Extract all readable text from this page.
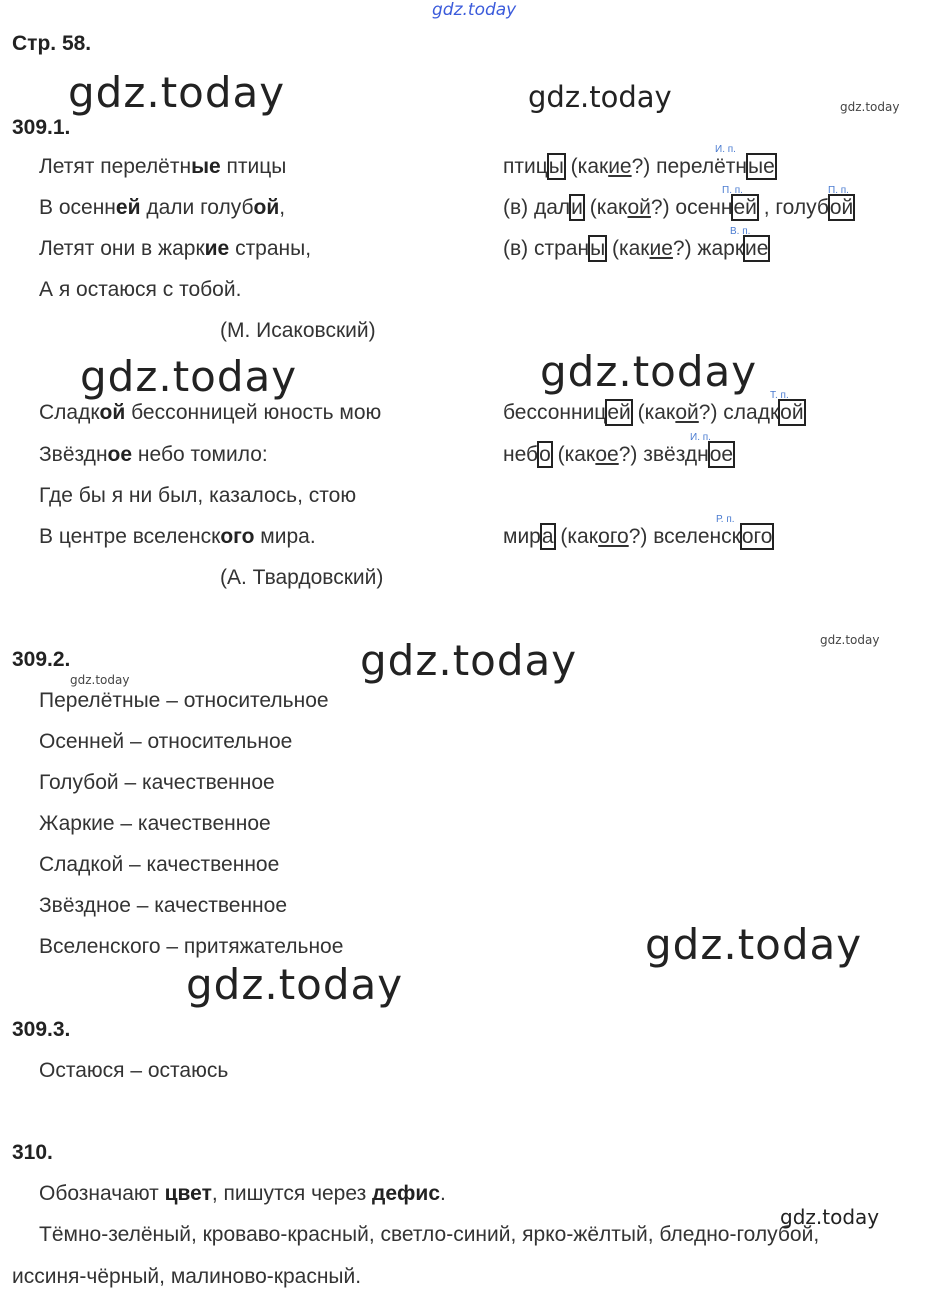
gdz.today
gdz.today	gdz.today	gdz.today
gdz.today	gdz.today
gdz.today
gdz.today
gdz.today
gdz.today
gdz.today
gdz.today
Стр. 58.
309.1.
Летят перелётные птицы
В осенней дали голубой,
Летят они в жаркие страны,
А я остаюся с тобой.
(М. Исаковский)
Сладкой бессонницей юность мою
Звёздное небо томило:
Где бы я ни был, казалось, стою
В центре вселенского мира.
(А. Твардовский)
И. п.
птицы (какие?) перелётные
П. п.	П. п.
(в) дали (какой?) осенней , голубой
В. п.
(в) страны (какие?) жаркие
Т. п.
бессонницей (какой?) сладкой
И. п.
небо (какое?) звёздное
Р. п.
мира (какого?) вселенского
309.2.
Перелётные – относительное
Осенней – относительное
Голубой – качественное
Жаркие – качественное
Сладкой – качественное
Звёздное – качественное
Вселенского – притяжательное
309.3.
Остаюся – остаюсь
310.
Обозначают цвет, пишутся через дефис.
Тёмно-зелёный, кроваво-красный, светло-синий, ярко-жёлтый, бледно-голубой,
иссиня-чёрный, малиново-красный.
